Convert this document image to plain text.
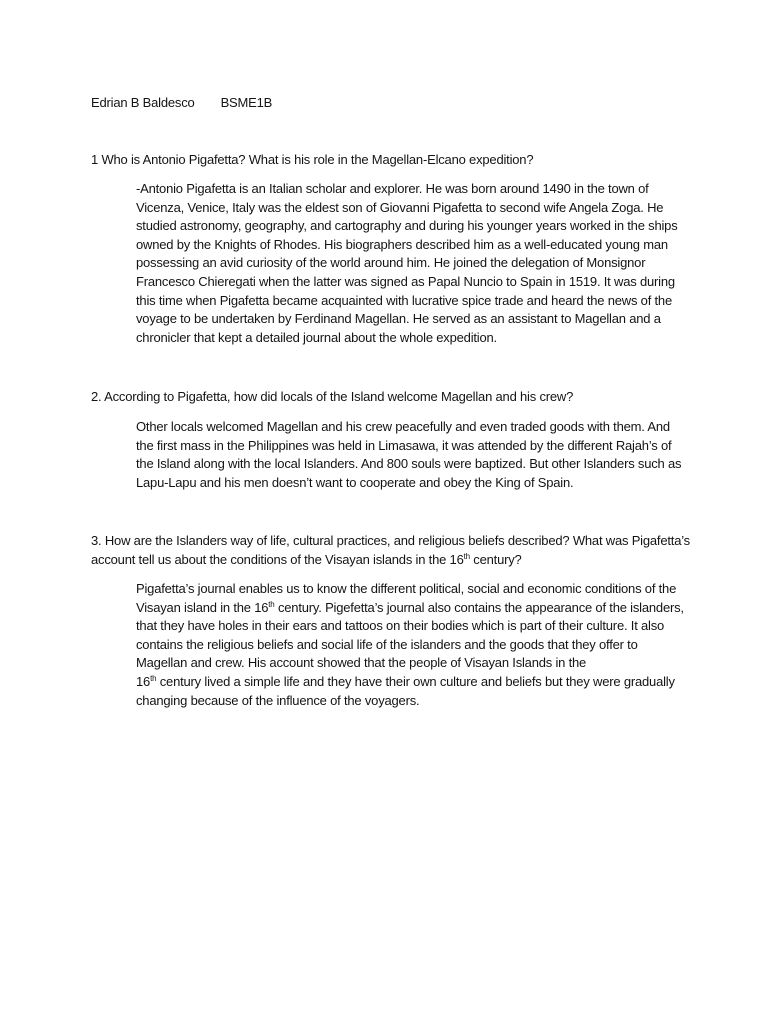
Edrian B Baldesco BSME1B

1 Who is Antonio Pigafetta? What is his role in the Magellan-Elcano expedition?

-Antonio Pigafetta is an Italian scholar and explorer. He was born around 1490 in the town of Vicenza, Venice, Italy was the eldest son of Giovanni Pigafetta to second wife Angela Zoga. He studied astronomy, geography, and cartography and during his younger years worked in the ships owned by the Knights of Rhodes. His biographers described him as a well-educated young man possessing an avid curiosity of the world around him. He joined the delegation of Monsignor Francesco Chieregati when the latter was signed as Papal Nuncio to Spain in 1519. It was during this time when Pigafetta became acquainted with lucrative spice trade and heard the news of the voyage to be undertaken by Ferdinand Magellan. He served as an assistant to Magellan and a chronicler that kept a detailed journal about the whole expedition.

2. According to Pigafetta, how did locals of the Island welcome Magellan and his crew?

Other locals welcomed Magellan and his crew peacefully and even traded goods with them. And the first mass in the Philippines was held in Limasawa, it was attended by the different Rajah’s of the Island along with the local Islanders. And 800 souls were baptized. But other Islanders such as Lapu-Lapu and his men doesn’t want to cooperate and obey the King of Spain.

3. How are the Islanders way of life, cultural practices, and religious beliefs described? What was Pigafetta’s account tell us about the conditions of the Visayan islands in the 16th century?

Pigafetta’s journal enables us to know the different political, social and economic conditions of the Visayan island in the 16th century. Pigefetta’s journal also contains the appearance of the islanders, that they have holes in their ears and tattoos on their bodies which is part of their culture. It also contains the religious beliefs and social life of the islanders and the goods that they offer to Magellan and crew. His account showed that the people of Visayan Islands in the
16th century lived a simple life and they have their own culture and beliefs but they were gradually changing because of the influence of the voyagers.
